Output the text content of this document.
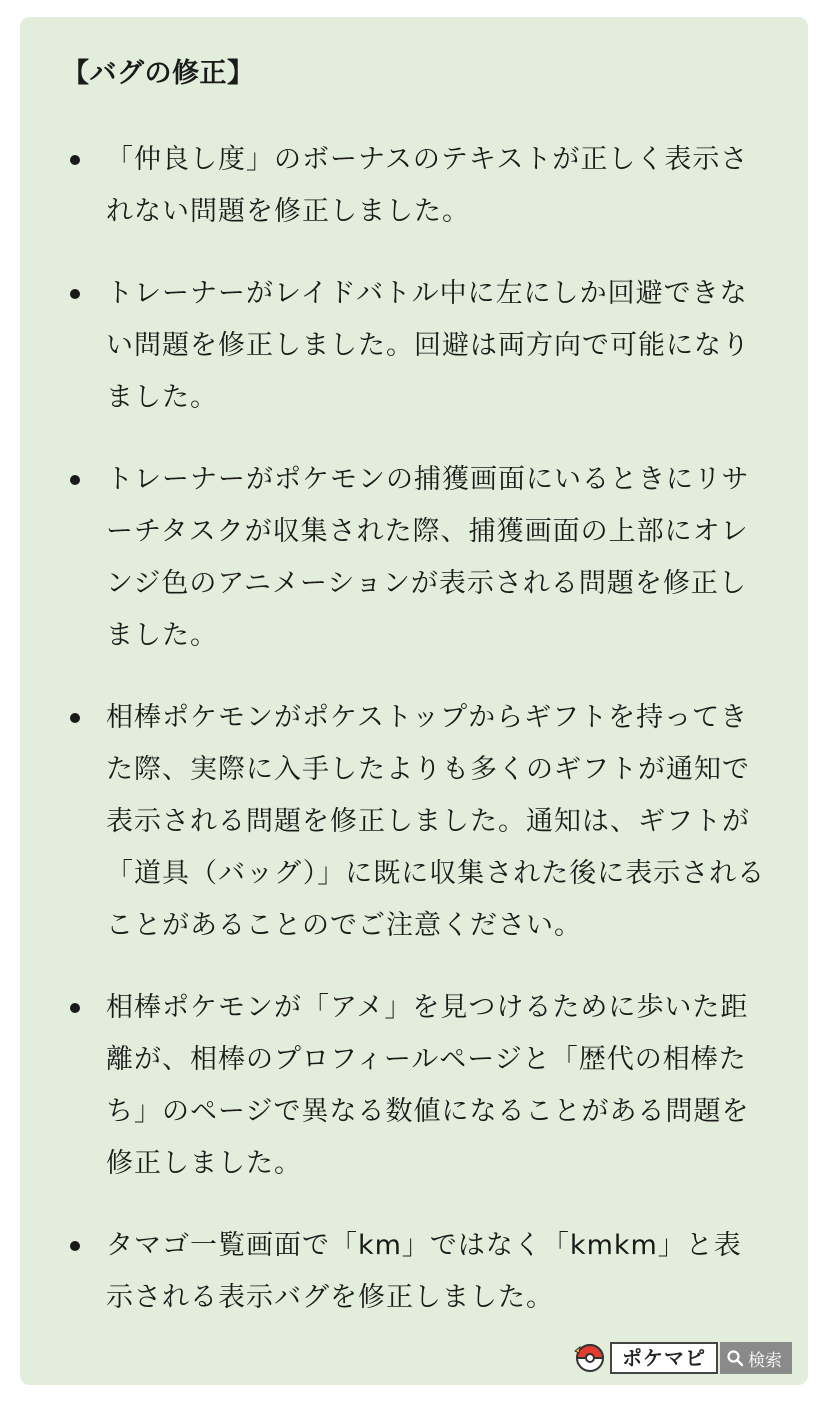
【バグの修正】
「仲良し度」のボーナスのテキストが正しく表示されない問題を修正しました。
トレーナーがレイドバトル中に左にしか回避できない問題を修正しました。回避は両方向で可能になりました。
トレーナーがポケモンの捕獲画面にいるときにリサーチタスクが収集された際、捕獲画面の上部にオレンジ色のアニメーションが表示される問題を修正しました。
相棒ポケモンがポケストップからギフトを持ってきた際、実際に入手したよりも多くのギフトが通知で表示される問題を修正しました。通知は、ギフトが「道具（バッグ）」に既に収集された後に表示されることがあることのでご注意ください。
相棒ポケモンが「アメ」を見つけるために歩いた距離が、相棒のプロフィールページと「歴代の相棒たち」のページで異なる数値になることがある問題を修正しました。
タマゴ一覧画面で「km」ではなく「kmkm」と表示される表示バグを修正しました。
ポケマピ	検索
